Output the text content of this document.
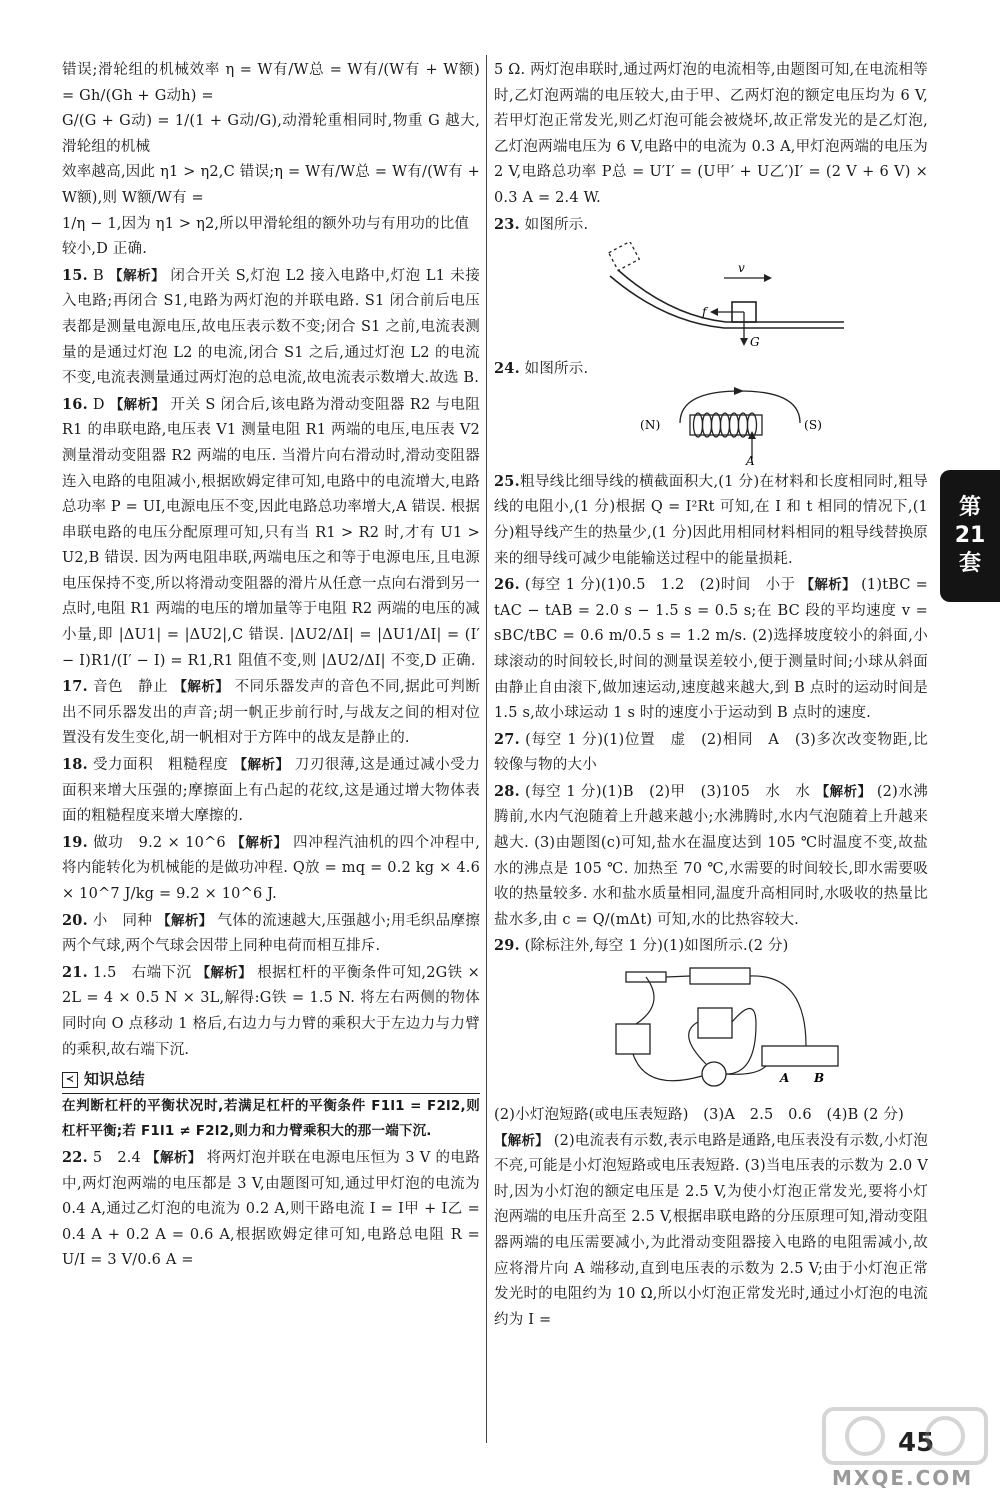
错误;滑轮组的机械效率 η = W有/W总 = W有/(W有 + W额) = Gh/(Gh + G动h) =

G/(G + G动) = 1/(1 + G动/G),动滑轮重相同时,物重 G 越大,滑轮组的机械

效率越高,因此 η1 > η2,C 错误;η = W有/W总 = W有/(W有 + W额),则 W额/W有 =

1/η − 1,因为 η1 > η2,所以甲滑轮组的额外功与有用功的比值

较小,D 正确.

15. B 【解析】 闭合开关 S,灯泡 L2 接入电路中,灯泡 L1 未接入电路;再闭合 S1,电路为两灯泡的并联电路. S1 闭合前后电压表都是测量电源电压,故电压表示数不变;闭合 S1 之前,电流表测量的是通过灯泡 L2 的电流,闭合 S1 之后,通过灯泡 L2 的电流不变,电流表测量通过两灯泡的总电流,故电流表示数增大.故选 B.

16. D 【解析】 开关 S 闭合后,该电路为滑动变阻器 R2 与电阻 R1 的串联电路,电压表 V1 测量电阻 R1 两端的电压,电压表 V2 测量滑动变阻器 R2 两端的电压. 当滑片向右滑动时,滑动变阻器连入电路的电阻减小,根据欧姆定律可知,电路中的电流增大,电路总功率 P = UI,电源电压不变,因此电路总功率增大,A 错误. 根据串联电路的电压分配原理可知,只有当 R1 > R2 时,才有 U1 > U2,B 错误. 因为两电阻串联,两端电压之和等于电源电压,且电源电压保持不变,所以将滑动变阻器的滑片从任意一点向右滑到另一点时,电阻 R1 两端的电压的增加量等于电阻 R2 两端的电压的减小量,即 |ΔU1| = |ΔU2|,C 错误. |ΔU2/ΔI| = |ΔU1/ΔI| = (I′ − I)R1/(I′ − I) = R1,R1 阻值不变,则 |ΔU2/ΔI| 不变,D 正确.

17. 音色　静止 【解析】 不同乐器发声的音色不同,据此可判断出不同乐器发出的声音;胡一帆正步前行时,与战友之间的相对位置没有发生变化,胡一帆相对于方阵中的战友是静止的.

18. 受力面积　粗糙程度 【解析】 刀刃很薄,这是通过减小受力面积来增大压强的;摩擦面上有凸起的花纹,这是通过增大物体表面的粗糙程度来增大摩擦的.

19. 做功　9.2 × 10^6 【解析】 四冲程汽油机的四个冲程中,将内能转化为机械能的是做功冲程. Q放 = mq = 0.2 kg × 4.6 × 10^7 J/kg = 9.2 × 10^6 J.

20. 小　同种 【解析】 气体的流速越大,压强越小;用毛织品摩擦两个气球,两个气球会因带上同种电荷而相互排斥.

21. 1.5　右端下沉 【解析】 根据杠杆的平衡条件可知,2G铁 × 2L = 4 × 0.5 N × 3L,解得:G铁 = 1.5 N. 将左右两侧的物体同时向 O 点移动 1 格后,右边力与力臂的乘积大于左边力与力臂的乘积,故右端下沉.

≺ 知识总结

在判断杠杆的平衡状况时,若满足杠杆的平衡条件 F1l1 = F2l2,则杠杆平衡;若 F1l1 ≠ F2l2,则力和力臂乘积大的那一端下沉.

22. 5　2.4 【解析】 将两灯泡并联在电源电压恒为 3 V 的电路中,两灯泡两端的电压都是 3 V,由题图可知,通过甲灯泡的电流为 0.4 A,通过乙灯泡的电流为 0.2 A,则干路电流 I = I甲 + I乙 = 0.4 A + 0.2 A = 0.6 A,根据欧姆定律可知,电路总电阻 R = U/I = 3 V/0.6 A =

5 Ω. 两灯泡串联时,通过两灯泡的电流相等,由题图可知,在电流相等时,乙灯泡两端的电压较大,由于甲、乙两灯泡的额定电压均为 6 V,若甲灯泡正常发光,则乙灯泡可能会被烧坏,故正常发光的是乙灯泡,乙灯泡两端电压为 6 V,电路中的电流为 0.3 A,甲灯泡两端的电压为 2 V,电路总功率 P总 = U′I′ = (U甲′ + U乙′)I′ = (2 V + 6 V) × 0.3 A = 2.4 W.

23. 如图所示.

v
f
G

24. 如图所示.

(N)	(S)
A

25.粗导线比细导线的横截面积大,(1 分)在材料和长度相同时,粗导线的电阻小,(1 分)根据 Q = I²Rt 可知,在 I 和 t 相同的情况下,(1 分)粗导线产生的热量少,(1 分)因此用相同材料相同的粗导线替换原来的细导线可减少电能输送过程中的能量损耗.

26. (每空 1 分)(1)0.5　1.2　(2)时间　小于 【解析】 (1)tBC = tAC − tAB = 2.0 s − 1.5 s = 0.5 s;在 BC 段的平均速度 v = sBC/tBC = 0.6 m/0.5 s = 1.2 m/s. (2)选择坡度较小的斜面,小球滚动的时间较长,时间的测量误差较小,便于测量时间;小球从斜面由静止自由滚下,做加速运动,速度越来越大,到 B 点时的运动时间是 1.5 s,故小球运动 1 s 时的速度小于运动到 B 点时的速度.

27. (每空 1 分)(1)位置　虚　(2)相同　A　(3)多次改变物距,比较像与物的大小

28. (每空 1 分)(1)B　(2)甲　(3)105　水　水 【解析】 (2)水沸腾前,水内气泡随着上升越来越小;水沸腾时,水内气泡随着上升越来越大. (3)由题图(c)可知,盐水在温度达到 105 ℃时温度不变,故盐水的沸点是 105 ℃. 加热至 70 ℃,水需要的时间较长,即水需要吸收的热量较多. 水和盐水质量相同,温度升高相同时,水吸收的热量比盐水多,由 c = Q/(mΔt) 可知,水的比热容较大.

29. (除标注外,每空 1 分)(1)如图所示.(2 分)

A B

(2)小灯泡短路(或电压表短路)　(3)A　2.5　0.6　(4)B (2 分)

【解析】 (2)电流表有示数,表示电路是通路,电压表没有示数,小灯泡不亮,可能是小灯泡短路或电压表短路. (3)当电压表的示数为 2.0 V 时,因为小灯泡的额定电压是 2.5 V,为使小灯泡正常发光,要将小灯泡两端的电压升高至 2.5 V,根据串联电路的分压原理可知,滑动变阻器两端的电压需要减小,为此滑动变阻器接入电路的电阻需减小,故应将滑片向 A 端移动,直到电压表的示数为 2.5 V;由于小灯泡正常发光时的电阻约为 10 Ω,所以小灯泡正常发光时,通过小灯泡的电流约为 I =

第
21
套
45
MXQE.COM
